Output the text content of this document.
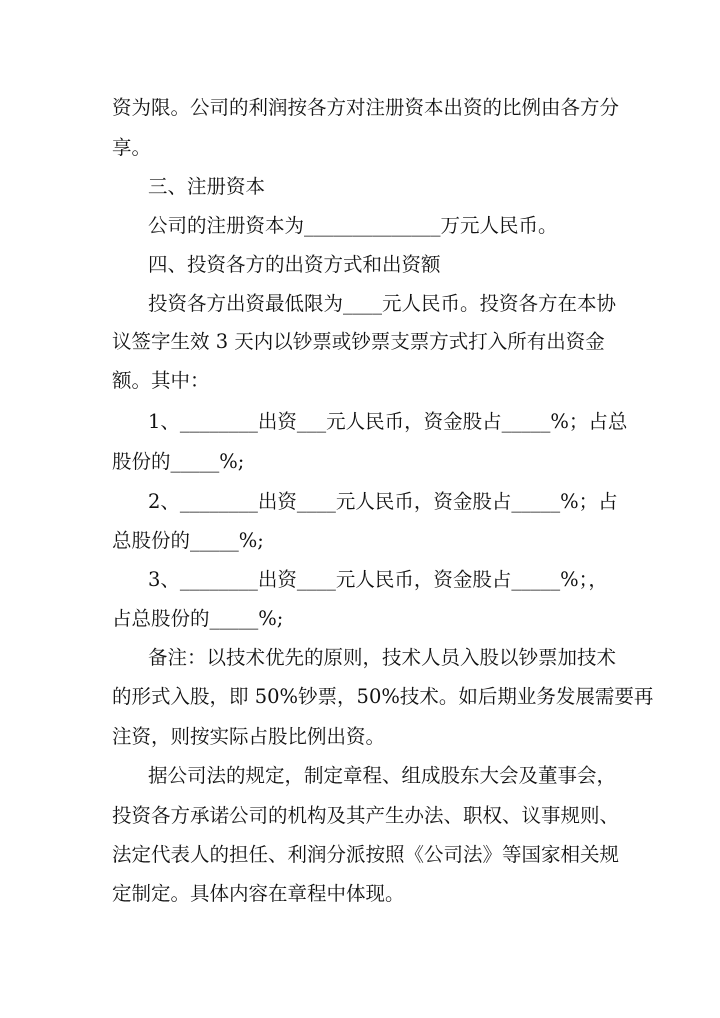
资为限。公司的利润按各方对注册资本出资的比例由各方分
享。
三、注册资本
公司的注册资本为______________万元人民币。
四、投资各方的出资方式和出资额
投资各方出资最低限为____元人民币。投资各方在本协
议签字生效 3 天内以钞票或钞票支票方式打入所有出资金
额。其中：
1、________出资___元人民币，资金股占_____%；占总
股份的_____%;
2、________出资____元人民币，资金股占_____%；占
总股份的_____%;
3、________出资____元人民币，资金股占_____%；，
占总股份的_____%;
备注：以技术优先的原则，技术人员入股以钞票加技术
的形式入股，即 50%钞票，50%技术。如后期业务发展需要再
注资，则按实际占股比例出资。
据公司法的规定，制定章程、组成股东大会及董事会，
投资各方承诺公司的机构及其产生办法、职权、议事规则、
法定代表人的担任、利润分派按照《公司法》等国家相关规
定制定。具体内容在章程中体现。
